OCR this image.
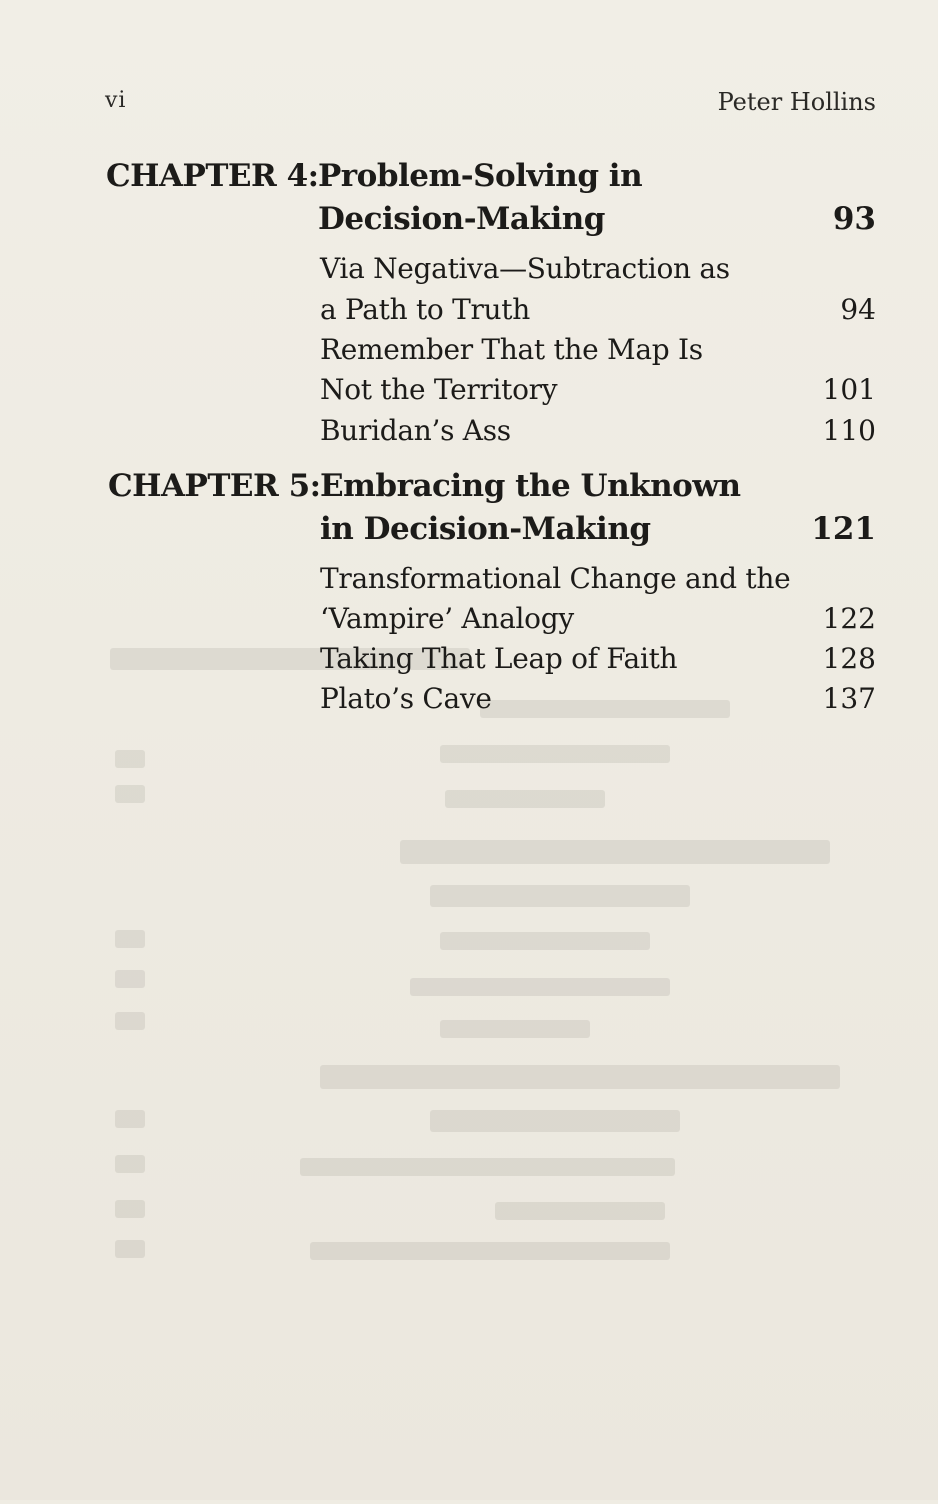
vi	Peter Hollins
CHAPTER 4: Problem-Solving in
Decision-Making	93
Via Negativa—Subtraction as
a Path to Truth	94
Remember That the Map Is
Not the Territory	101
Buridan’s Ass	110
CHAPTER 5: Embracing the Unknown
in Decision-Making	121
Transformational Change and the
‘Vampire’ Analogy	122
Taking That Leap of Faith	128
Plato’s Cave	137
